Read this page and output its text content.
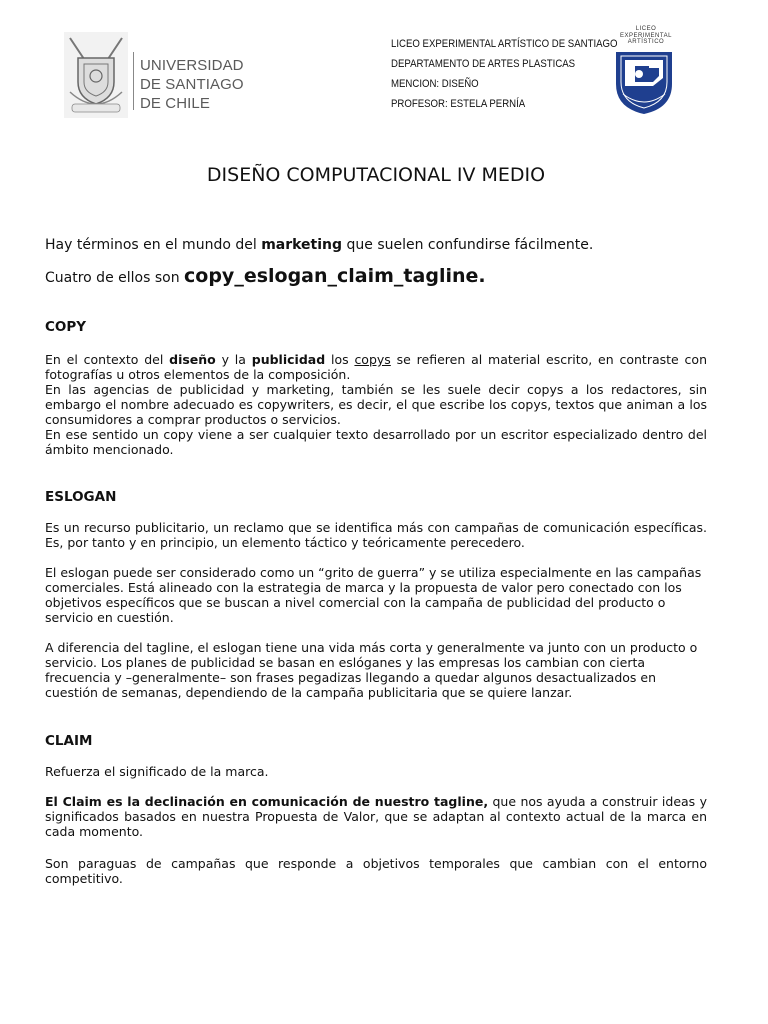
UNIVERSIDAD
DE SANTIAGO
DE CHILE
LICEO EXPERIMENTAL ARTÍSTICO DE SANTIAGO
DEPARTAMENTO DE ARTES PLASTICAS
MENCION: DISEÑO
PROFESOR: ESTELA PERNÍA
LICEO
EXPERIMENTAL
ARTÍSTICO
DISEÑO COMPUTACIONAL IV MEDIO

Hay términos en el mundo del marketing que suelen confundirse fácilmente.

Cuatro de ellos son copy_eslogan_claim_tagline.

COPY

En el contexto del diseño y la publicidad los copys se refieren al material escrito, en contraste con fotografías u otros elementos de la composición.

En las agencias de publicidad y marketing, también se les suele decir copys a los redactores, sin embargo el nombre adecuado es copywriters, es decir, el que escribe los copys, textos que animan a los consumidores a comprar productos o servicios.

En ese sentido un copy viene a ser cualquier texto desarrollado por un escritor especializado dentro del ámbito mencionado.

ESLOGAN

Es un recurso publicitario, un reclamo que se identifica más con campañas de comunicación específicas. Es, por tanto y en principio, un elemento táctico y teóricamente perecedero.

El eslogan puede ser considerado como un “grito de guerra” y se utiliza especialmente en las campañas comerciales. Está alineado con la estrategia de marca y la propuesta de valor pero conectado con los objetivos específicos que se buscan a nivel comercial con la campaña de publicidad del producto o servicio en cuestión.

A diferencia del tagline, el eslogan tiene una vida más corta y generalmente va junto con un producto o servicio. Los planes de publicidad se basan en eslóganes y las empresas los cambian con cierta frecuencia y –generalmente– son frases pegadizas llegando a quedar algunos desactualizados en cuestión de semanas, dependiendo de la campaña publicitaria que se quiere lanzar.

CLAIM

Refuerza el significado de la marca.

El Claim es la declinación en comunicación de nuestro tagline, que nos ayuda a construir ideas y significados basados en nuestra Propuesta de Valor, que se adaptan al contexto actual de la marca en cada momento.

Son paraguas de campañas que responde a objetivos temporales que cambian con el entorno competitivo.
